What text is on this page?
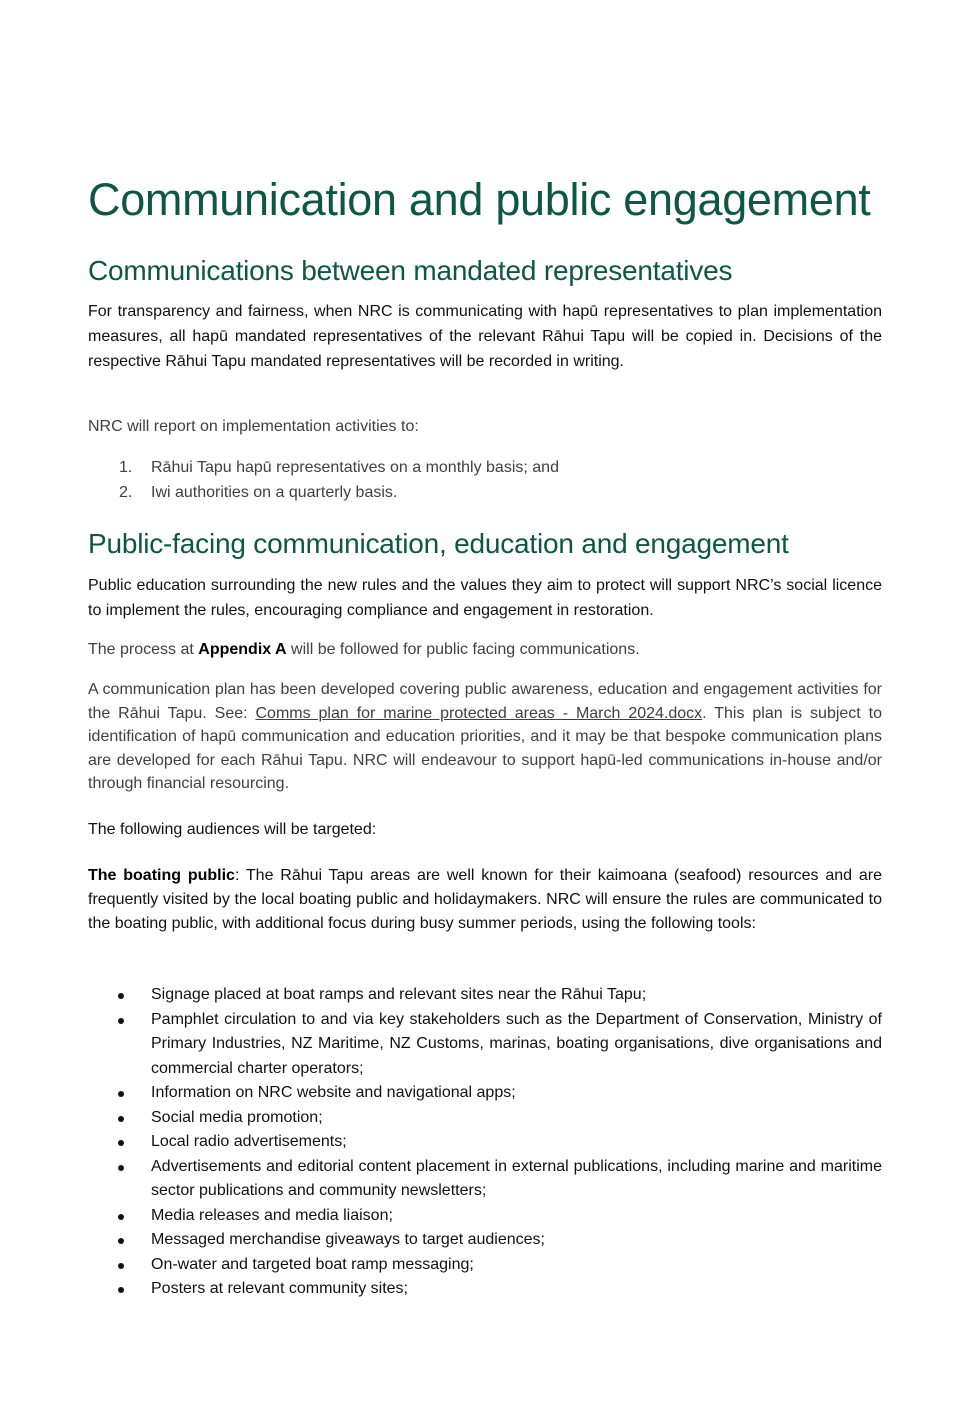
Communication and public engagement
Communications between mandated representatives

For transparency and fairness, when NRC is communicating with hapū representatives to plan implementation measures, all hapū mandated representatives of the relevant Rāhui Tapu will be copied in. Decisions of the respective Rāhui Tapu mandated representatives will be recorded in writing.

NRC will report on implementation activities to:

1. Rāhui Tapu hapū representatives on a monthly basis; and
2. Iwi authorities on a quarterly basis.
Public-facing communication, education and engagement

Public education surrounding the new rules and the values they aim to protect will support NRC’s social licence to implement the rules, encouraging compliance and engagement in restoration.

The process at Appendix A will be followed for public facing communications.

A communication plan has been developed covering public awareness, education and engagement activities for the Rāhui Tapu. See: Comms plan for marine protected areas - March 2024.docx. This plan is subject to identification of hapū communication and education priorities, and it may be that bespoke communication plans are developed for each Rāhui Tapu. NRC will endeavour to support hapū-led communications in-house and/or through financial resourcing.

The following audiences will be targeted:

The boating public: The Rāhui Tapu areas are well known for their kaimoana (seafood) resources and are frequently visited by the local boating public and holidaymakers. NRC will ensure the rules are communicated to the boating public, with additional focus during busy summer periods, using the following tools:

Signage placed at boat ramps and relevant sites near the Rāhui Tapu;
Pamphlet circulation to and via key stakeholders such as the Department of Conservation, Ministry of Primary Industries, NZ Maritime, NZ Customs, marinas, boating organisations, dive organisations and commercial charter operators;
Information on NRC website and navigational apps;
Social media promotion;
Local radio advertisements;
Advertisements and editorial content placement in external publications, including marine and maritime sector publications and community newsletters;
Media releases and media liaison;
Messaged merchandise giveaways to target audiences;
On-water and targeted boat ramp messaging;
Posters at relevant community sites;
